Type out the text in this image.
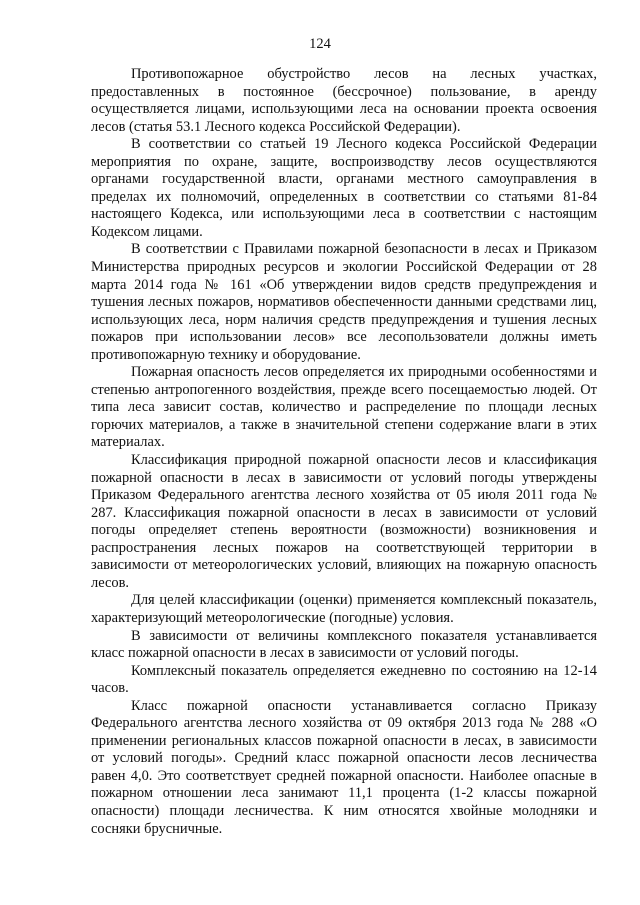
124

Противопожарное обустройство лесов на лесных участках, предоставленных в постоянное (бессрочное) пользование, в аренду осуществляется лицами, использующими леса на основании проекта освоения лесов (статья 53.1 Лесного кодекса Российской Федерации).

В соответствии со статьей 19 Лесного кодекса Российской Федерации мероприятия по охране, защите, воспроизводству лесов осуществляются органами государственной власти, органами местного самоуправления в пределах их полномочий, определенных в соответствии со статьями 81-84 настоящего Кодекса, или использующими леса в соответствии с настоящим Кодексом лицами.

В соответствии с Правилами пожарной безопасности в лесах и Приказом Министерства природных ресурсов и экологии Российской Федерации от 28 марта 2014 года № 161 «Об утверждении видов средств предупреждения и тушения лесных пожаров, нормативов обеспеченности данными средствами лиц, использующих леса, норм наличия средств предупреждения и тушения лесных пожаров при использовании лесов» все лесопользователи должны иметь противопожарную технику и оборудование.

Пожарная опасность лесов определяется их природными особенностями и степенью антропогенного воздействия, прежде всего посещаемостью людей. От типа леса зависит состав, количество и распределение по площади лесных горючих материалов, а также в значительной степени содержание влаги в этих материалах.

Классификация природной пожарной опасности лесов и классификация пожарной опасности в лесах в зависимости от условий погоды утверждены Приказом Федерального агентства лесного хозяйства от 05 июля 2011 года № 287. Классификация пожарной опасности в лесах в зависимости от условий погоды определяет степень вероятности (возможности) возникновения и распространения лесных пожаров на соответствующей территории в зависимости от метеорологических условий, влияющих на пожарную опасность лесов.

Для целей классификации (оценки) применяется комплексный показатель, характеризующий метеорологические (погодные) условия.

В зависимости от величины комплексного показателя устанавливается класс пожарной опасности в лесах в зависимости от условий погоды.

Комплексный показатель определяется ежедневно по состоянию на 12-14 часов.

Класс пожарной опасности устанавливается согласно Приказу Федерального агентства лесного хозяйства от 09 октября 2013 года № 288 «О применении региональных классов пожарной опасности в лесах, в зависимости от условий погоды». Средний класс пожарной опасности лесов лесничества равен 4,0. Это соответствует средней пожарной опасности. Наиболее опасные в пожарном отношении леса занимают 11,1 процента (1-2 классы пожарной опасности) площади лесничества. К ним относятся хвойные молодняки и сосняки брусничные.
